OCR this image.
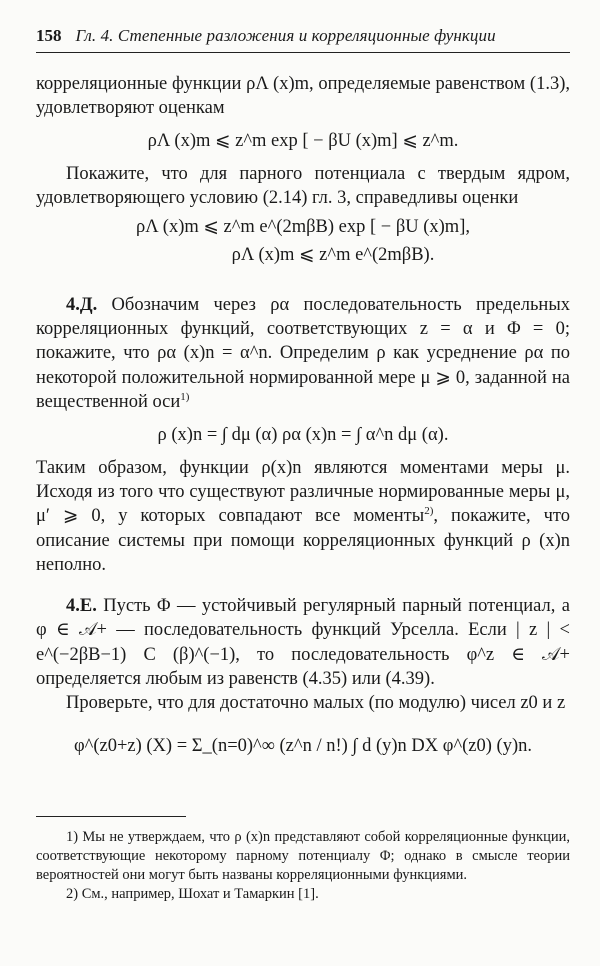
158 Гл. 4. Степенные разложения и корреляционные функции

корреляционные функции ρΛ (x)m, определяемые равенством (1.3), удовлетворяют оценкам

ρΛ (x)m ⩽ z^m exp [ − βU (x)m] ⩽ z^m.

Покажите, что для парного потенциала с твердым ядром, удовлетворяющего условию (2.14) гл. 3, справедливы оценки

ρΛ (x)m ⩽ z^m e^(2mβB) exp [ − βU (x)m],
ρΛ (x)m ⩽ z^m e^(2mβB).

4.Д. Обозначим через ρα последовательность предельных корреляционных функций, соответствующих z = α и Φ = 0; покажите, что ρα (x)n = α^n. Определим ρ как усреднение ρα по некоторой положительной нормированной мере μ ⩾ 0, заданной на вещественной оси$^{1)}$

ρ (x)n = ∫ dμ (α) ρα (x)n = ∫ α^n dμ (α).

Таким образом, функции ρ(x)n являются моментами меры μ. Исходя из того что существуют различные нормированные меры μ, μ′ ⩾ 0, у которых совпадают все моменты$^{2)}$, покажите, что описание системы при помощи корреляционных функций ρ (x)n неполно.

4.Е. Пусть Φ — устойчивый регулярный парный потенциал, а φ ∈ 𝒜+ — последовательность функций Урселла. Если | z | < e^(−2βB−1) C (β)^(−1), то последовательность φ^z ∈ 𝒜+ определяется любым из равенств (4.35) или (4.39).

Проверьте, что для достаточно малых (по модулю) чисел z0 и z

φ^(z0+z) (X) = Σ_(n=0)^∞ (z^n / n!) ∫ d (y)n DX φ^(z0) (y)n.

1) Мы не утверждаем, что ρ (x)n представляют собой корреляционные функции, соответствующие некоторому парному потенциалу Φ; однако в смысле теории вероятностей они могут быть названы корреляционными функциями.

2) См., например, Шохат и Тамаркин [1].
